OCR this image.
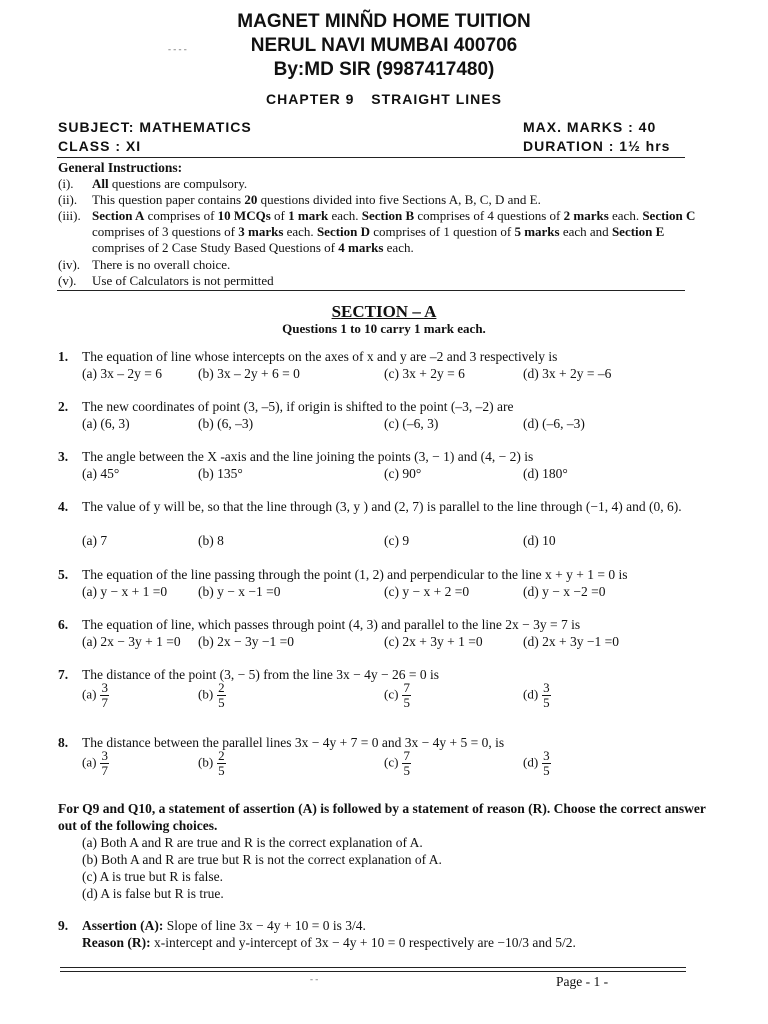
- - - -
MAGNET MINÑD HOME TUITION
NERUL NAVI MUMBAI 400706
By:MD SIR (9987417480)
CHAPTER 9 STRAIGHT LINES
SUBJECT: MATHEMATICS	MAX. MARKS : 40
CLASS : XI	DURATION : 1½ hrs
General Instructions:
(i). All questions are compulsory.
(ii). This question paper contains 20 questions divided into five Sections A, B, C, D and E.
(iii). Section A comprises of 10 MCQs of 1 mark each. Section B comprises of 4 questions of 2 marks each. Section C comprises of 3 questions of 3 marks each. Section D comprises of 1 question of 5 marks each and Section E comprises of 2 Case Study Based Questions of 4 marks each.
(iv). There is no overall choice.
(v). Use of Calculators is not permitted
SECTION – A
Questions 1 to 10 carry 1 mark each.
1. The equation of line whose intercepts on the axes of x and y are –2 and 3 respectively is
(a) 3x – 2y = 6	(b) 3x – 2y + 6 = 0	(c) 3x + 2y = 6	(d) 3x + 2y = –6
2. The new coordinates of point (3, –5), if origin is shifted to the point (–3, –2) are
(a) (6, 3)	(b) (6, –3)	(c) (–6, 3)	(d) (–6, –3)
3. The angle between the X -axis and the line joining the points (3, − 1) and (4, − 2) is
(a) 45°	(b) 135°	(c) 90°	(d) 180°
4. The value of y will be, so that the line through (3, y ) and (2, 7) is parallel to the line through (−1, 4) and (0, 6).
(a) 7	(b) 8	(c) 9	(d) 10
5. The equation of the line passing through the point (1, 2) and perpendicular to the line x + y + 1 = 0 is
(a) y − x + 1 =0 (b) y − x −1 =0	(c) y − x + 2 =0	(d) y − x −2 =0
6. The equation of line, which passes through point (4, 3) and parallel to the line 2x − 3y = 7 is
(a) 2x − 3y + 1 =0 (b) 2x − 3y −1 =0	(c) 2x + 3y + 1 =0	(d) 2x + 3y −1 =0
7. The distance of the point (3, − 5) from the line 3x − 4y − 26 = 0 is
$(a) \frac{3}{7}$	$(b) \frac{2}{5}$	$(c) \frac{7}{5}$	$(d) \frac{3}{5}$
8. The distance between the parallel lines 3x − 4y + 7 = 0 and 3x − 4y + 5 = 0, is
$(a) \frac{3}{7}$	$(b) \frac{2}{5}$	$(c) \frac{7}{5}$	$(d) \frac{3}{5}$
For Q9 and Q10, a statement of assertion (A) is followed by a statement of reason (R). Choose the correct answer out of the following choices.
(a) Both A and R are true and R is the correct explanation of A.
(b) Both A and R are true but R is not the correct explanation of A.
(c) A is true but R is false.
(d) A is false but R is true.
9. Assertion (A): Slope of line 3x − 4y + 10 = 0 is 3/4.
Reason (R): x-intercept and y-intercept of 3x − 4y + 10 = 0 respectively are −10/3 and 5/2.
- -	Page - 1 -
